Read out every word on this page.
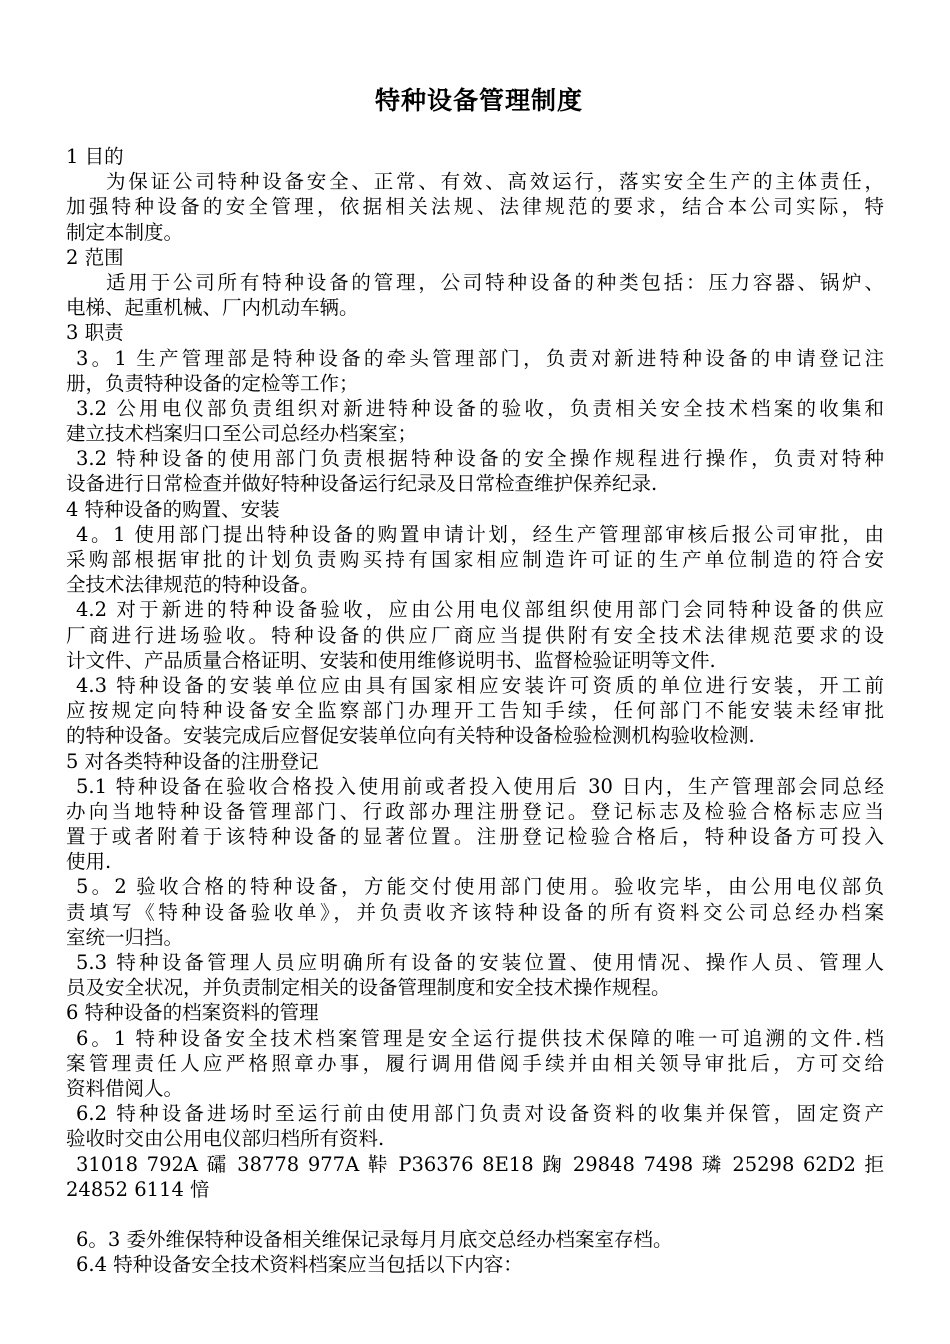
特种设备管理制度
1 目的
为保证公司特种设备安全、正常、有效、高效运行，落实安全生产的主体责任，
加强特种设备的安全管理，依据相关法规、法律规范的要求，结合本公司实际，特
制定本制度。
2 范围
适用于公司所有特种设备的管理，公司特种设备的种类包括：压力容器、锅炉、
电梯、起重机械、厂内机动车辆。
3 职责
3。1 生产管理部是特种设备的牵头管理部门，负责对新进特种设备的申请登记注
册，负责特种设备的定检等工作；
3.2 公用电仪部负责组织对新进特种设备的验收，负责相关安全技术档案的收集和
建立技术档案归口至公司总经办档案室；
3.2 特种设备的使用部门负责根据特种设备的安全操作规程进行操作，负责对特种
设备进行日常检查并做好特种设备运行纪录及日常检查维护保养纪录.
4 特种设备的购置、安装
4。1 使用部门提出特种设备的购置申请计划，经生产管理部审核后报公司审批，由
采购部根据审批的计划负责购买持有国家相应制造许可证的生产单位制造的符合安
全技术法律规范的特种设备。
4.2 对于新进的特种设备验收，应由公用电仪部组织使用部门会同特种设备的供应
厂商进行进场验收。特种设备的供应厂商应当提供附有安全技术法律规范要求的设
计文件、产品质量合格证明、安装和使用维修说明书、监督检验证明等文件.
4.3 特种设备的安装单位应由具有国家相应安装许可资质的单位进行安装，开工前
应按规定向特种设备安全监察部门办理开工告知手续，任何部门不能安装未经审批
的特种设备。安装完成后应督促安装单位向有关特种设备检验检测机构验收检测.
5 对各类特种设备的注册登记
5.1 特种设备在验收合格投入使用前或者投入使用后 30 日内，生产管理部会同总经
办向当地特种设备管理部门、行政部办理注册登记。登记标志及检验合格标志应当
置于或者附着于该特种设备的显著位置。注册登记检验合格后，特种设备方可投入
使用.
5。2 验收合格的特种设备，方能交付使用部门使用。验收完毕，由公用电仪部负
责填写《特种设备验收单》，并负责收齐该特种设备的所有资料交公司总经办档案
室统一归挡。
5.3 特种设备管理人员应明确所有设备的安装位置、使用情况、操作人员、管理人
员及安全状况，并负责制定相关的设备管理制度和安全技术操作规程。
6 特种设备的档案资料的管理
6。1 特种设备安全技术档案管理是安全运行提供技术保障的唯一可追溯的文件.档
案管理责任人应严格照章办事，履行调用借阅手续并由相关领导审批后，方可交给
资料借阅人。
6.2 特种设备进场时至运行前由使用部门负责对设备资料的收集并保管，固定资产
验收时交由公用电仪部归档所有资料.
31018 792A 礵 38778 977A 鞐 P36376 8E18 踘 29848 7498 璘 25298 62D2 拒
24852 6114 愔
6。3 委外维保特种设备相关维保记录每月月底交总经办档案室存档。
6.4 特种设备安全技术资料档案应当包括以下内容：
